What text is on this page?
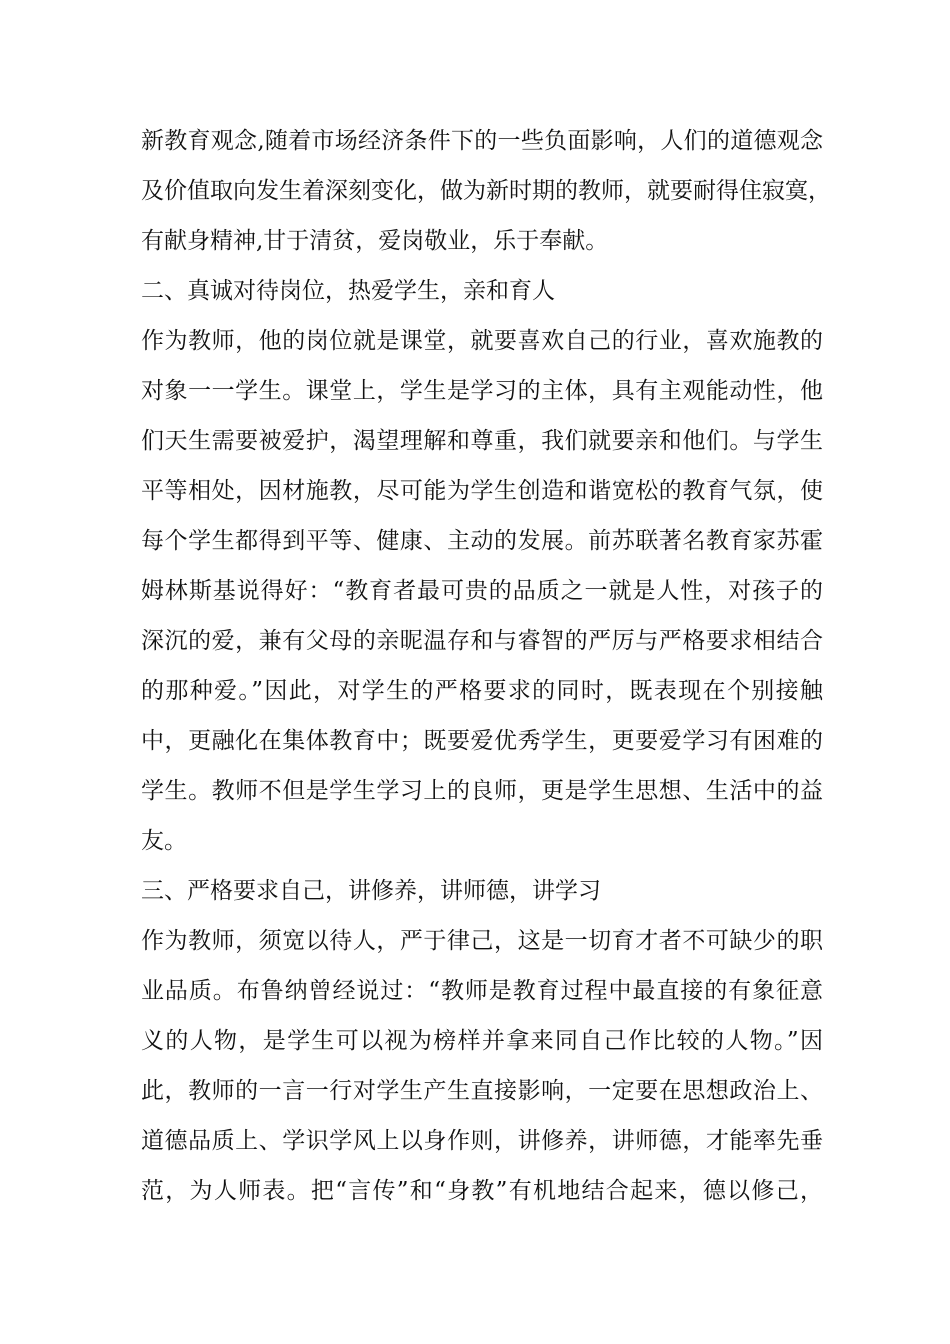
新教育观念,随着市场经济条件下的一些负面影响，人们的道德观念
及价值取向发生着深刻变化，做为新时期的教师，就要耐得住寂寞，
有献身精神,甘于清贫，爱岗敬业，乐于奉献。
二、真诚对待岗位，热爱学生，亲和育人
作为教师，他的岗位就是课堂，就要喜欢自己的行业，喜欢施教的
对象一一学生。课堂上，学生是学习的主体，具有主观能动性，他
们天生需要被爱护，渴望理解和尊重，我们就要亲和他们。与学生
平等相处，因材施教，尽可能为学生创造和谐宽松的教育气氛，使
每个学生都得到平等、健康、主动的发展。前苏联著名教育家苏霍
姆林斯基说得好：“教育者最可贵的品质之一就是人性，对孩子的
深沉的爱，兼有父母的亲昵温存和与睿智的严厉与严格要求相结合
的那种爱。”因此，对学生的严格要求的同时，既表现在个别接触
中，更融化在集体教育中；既要爱优秀学生，更要爱学习有困难的
学生。教师不但是学生学习上的良师，更是学生思想、生活中的益
友。
三、严格要求自己，讲修养，讲师德，讲学习
作为教师，须宽以待人，严于律己，这是一切育才者不可缺少的职
业品质。布鲁纳曾经说过：“教师是教育过程中最直接的有象征意
义的人物，是学生可以视为榜样并拿来同自己作比较的人物。”因
此，教师的一言一行对学生产生直接影响，一定要在思想政治上、
道德品质上、学识学风上以身作则，讲修养，讲师德，才能率先垂
范，为人师表。把“言传”和“身教”有机地结合起来，德以修己，
